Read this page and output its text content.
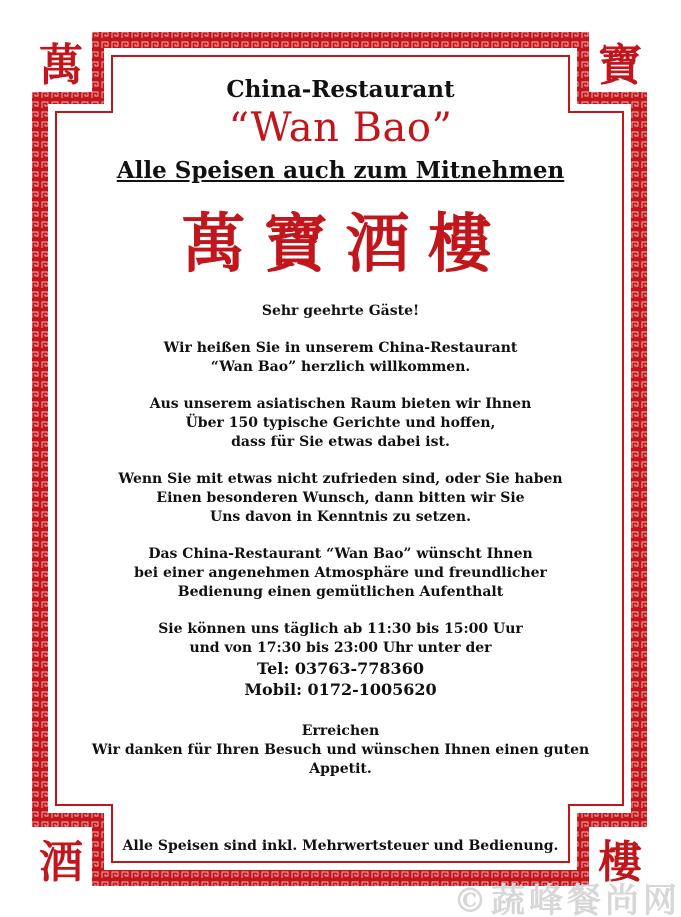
萬	寶
酒	樓
China-Restaurant
“Wan Bao”
Alle Speisen auch zum Mitnehmen
萬寶酒樓
Sehr geehrte Gäste!
Wir heißen Sie in unserem China-Restaurant
“Wan Bao” herzlich willkommen.
Aus unserem asiatischen Raum bieten wir Ihnen
Über 150 typische Gerichte und hoffen,
dass für Sie etwas dabei ist.
Wenn Sie mit etwas nicht zufrieden sind, oder Sie haben
Einen besonderen Wunsch, dann bitten wir Sie
Uns davon in Kenntnis zu setzen.
Das China-Restaurant “Wan Bao” wünscht Ihnen
bei einer angenehmen Atmosphäre und freundlicher
Bedienung einen gemütlichen Aufenthalt
Sie können uns täglich ab 11:30 bis 15:00 Uur
und von 17:30 bis 23:00 Uhr unter der
Tel: 03763-778360
Mobil: 0172-1005620
Erreichen
Wir danken für Ihren Besuch und wünschen Ihnen einen guten Appetit.
Alle Speisen sind inkl. Mehrwertsteuer und Bedienung.
©蔬峰餐尚网
